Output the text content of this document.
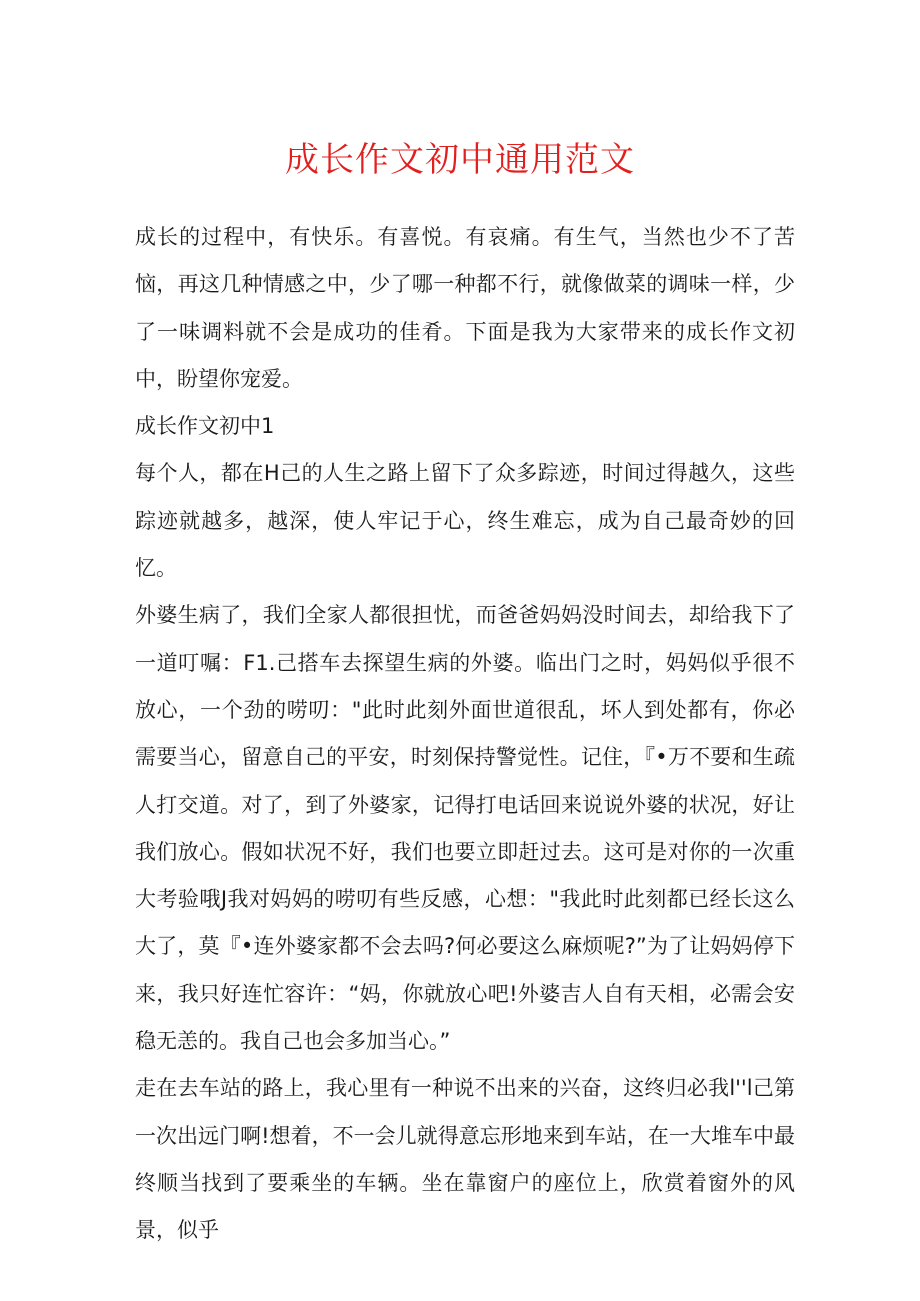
成长作文初中通用范文

成长的过程中，有快乐。有喜悦。有哀痛。有生气，当然也少不了苦恼，再这几种情感之中，少了哪一种都不行，就像做菜的调味一样，少了一味调料就不会是成功的佳肴。下面是我为大家带来的成长作文初中，盼望你宠爱。

成长作文初中1

每个人，都在H己的人生之路上留下了众多踪迹，时间过得越久，这些踪迹就越多，越深，使人牢记于心，终生难忘，成为自己最奇妙的回忆。

外婆生病了，我们全家人都很担忧，而爸爸妈妈没时间去，却给我下了一道叮嘱：F1.己搭车去探望生病的外婆。临出门之时，妈妈似乎很不放心，一个劲的唠叨："此时此刻外面世道很乱，坏人到处都有，你必需要当心，留意自己的平安，时刻保持警觉性。记住，『•万不要和生疏人打交道。对了，到了外婆家，记得打电话回来说说外婆的状况，好让我们放心。假如状况不好，我们也要立即赶过去。这可是对你的一次重大考验哦J我对妈妈的唠叨有些反感，心想："我此时此刻都已经长这么大了，莫『•连外婆家都不会去吗?何必要这么麻烦呢?”为了让妈妈停下来，我只好连忙容许：“妈，你就放心吧!外婆吉人自有天相，必需会安稳无恙的。我自己也会多加当心。”

走在去车站的路上，我心里有一种说不出来的兴奋，这终归必我l''l己第一次出远门啊!想着，不一会儿就得意忘形地来到车站，在一大堆车中最终顺当找到了要乘坐的车辆。坐在靠窗户的座位上，欣赏着窗外的风景，似乎
